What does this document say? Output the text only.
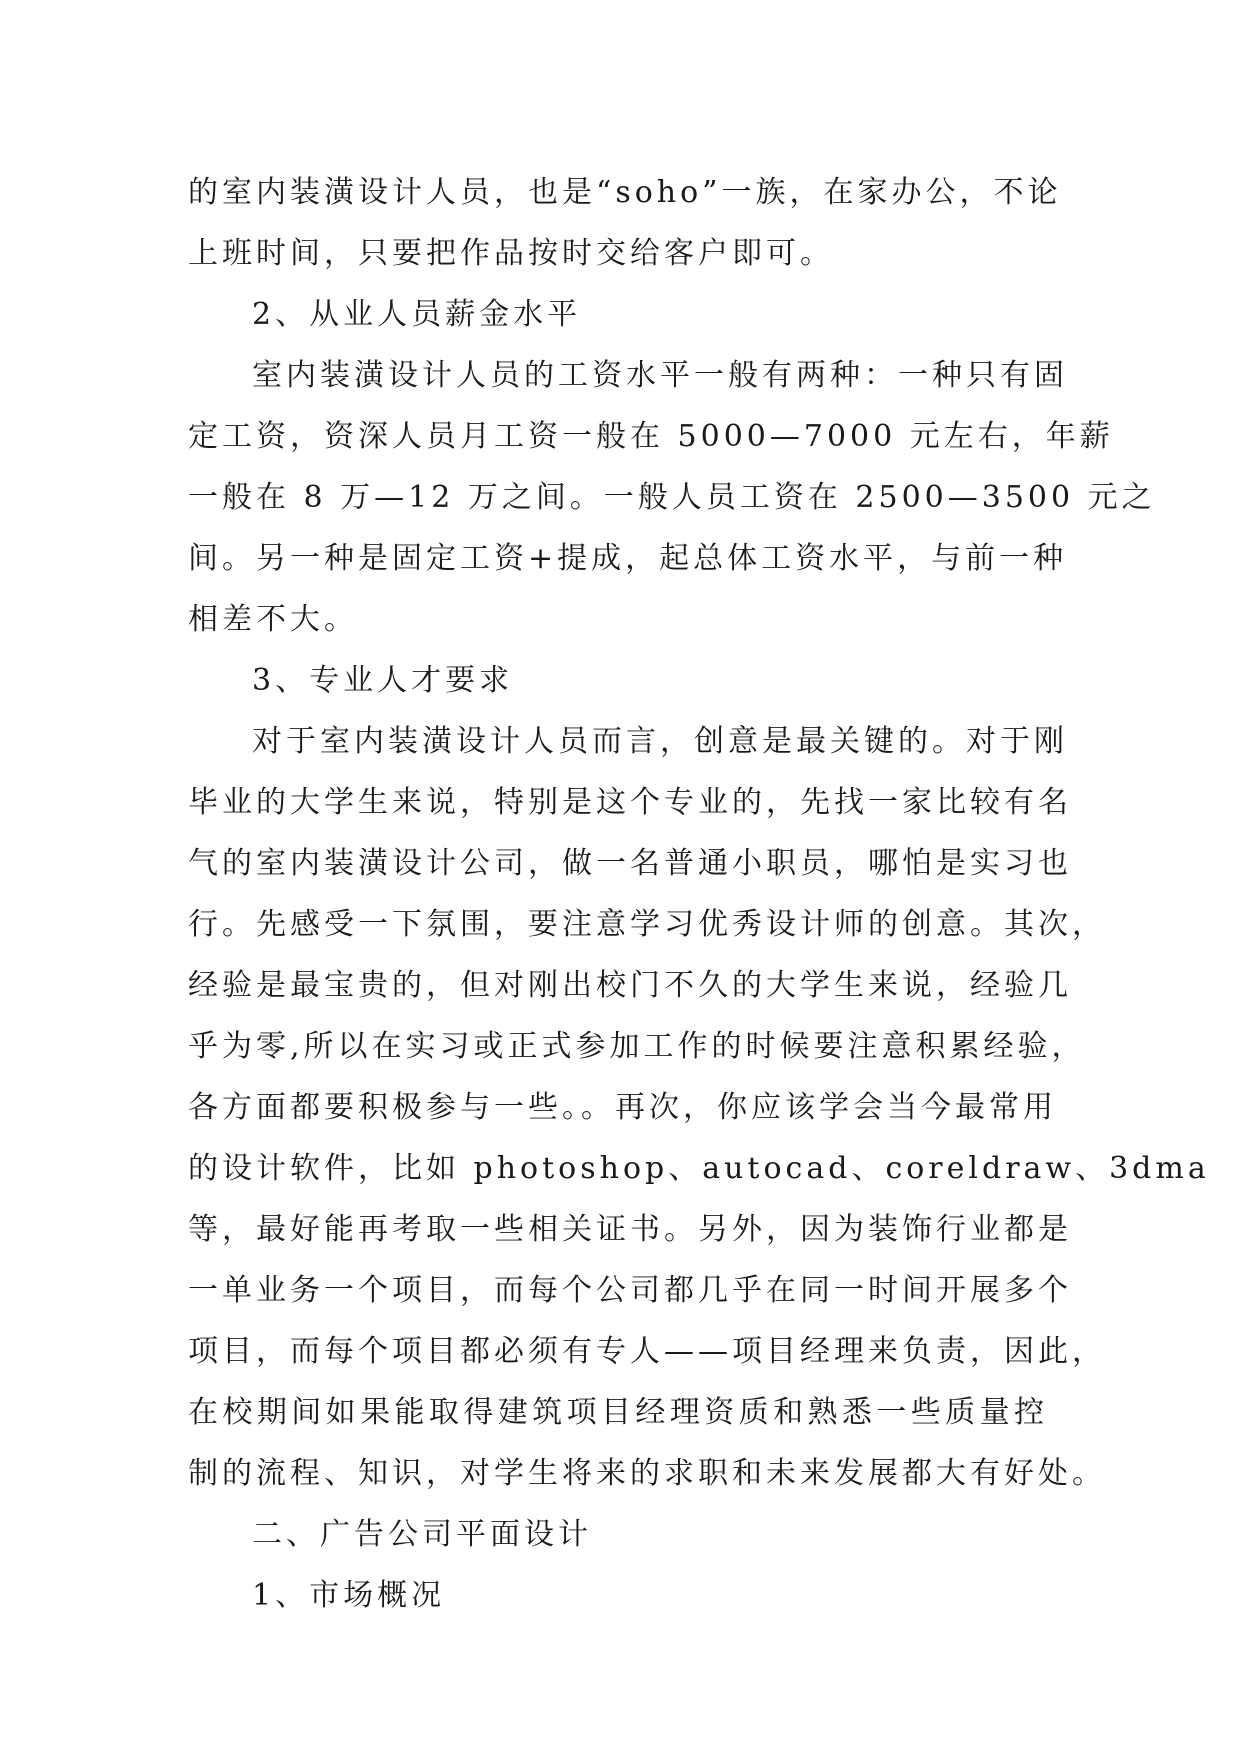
的室内装潢设计人员，也是“soho”一族，在家办公，不论
上班时间，只要把作品按时交给客户即可。
2、从业人员薪金水平
室内装潢设计人员的工资水平一般有两种：一种只有固
定工资，资深人员月工资一般在 5000—7000 元左右，年薪
一般在 8 万—12 万之间。一般人员工资在 2500—3500 元之
间。另一种是固定工资+提成，起总体工资水平，与前一种
相差不大。
3、专业人才要求
对于室内装潢设计人员而言，创意是最关键的。对于刚
毕业的大学生来说，特别是这个专业的，先找一家比较有名
气的室内装潢设计公司，做一名普通小职员，哪怕是实习也
行。先感受一下氛围，要注意学习优秀设计师的创意。其次，
经验是最宝贵的，但对刚出校门不久的大学生来说，经验几
乎为零,所以在实习或正式参加工作的时候要注意积累经验，
各方面都要积极参与一些。。再次，你应该学会当今最常用
的设计软件，比如 photoshop、autocad、coreldraw、3dma
等，最好能再考取一些相关证书。另外，因为装饰行业都是
一单业务一个项目，而每个公司都几乎在同一时间开展多个
项目，而每个项目都必须有专人——项目经理来负责，因此，
在校期间如果能取得建筑项目经理资质和熟悉一些质量控
制的流程、知识，对学生将来的求职和未来发展都大有好处。
二、广告公司平面设计
1、市场概况
